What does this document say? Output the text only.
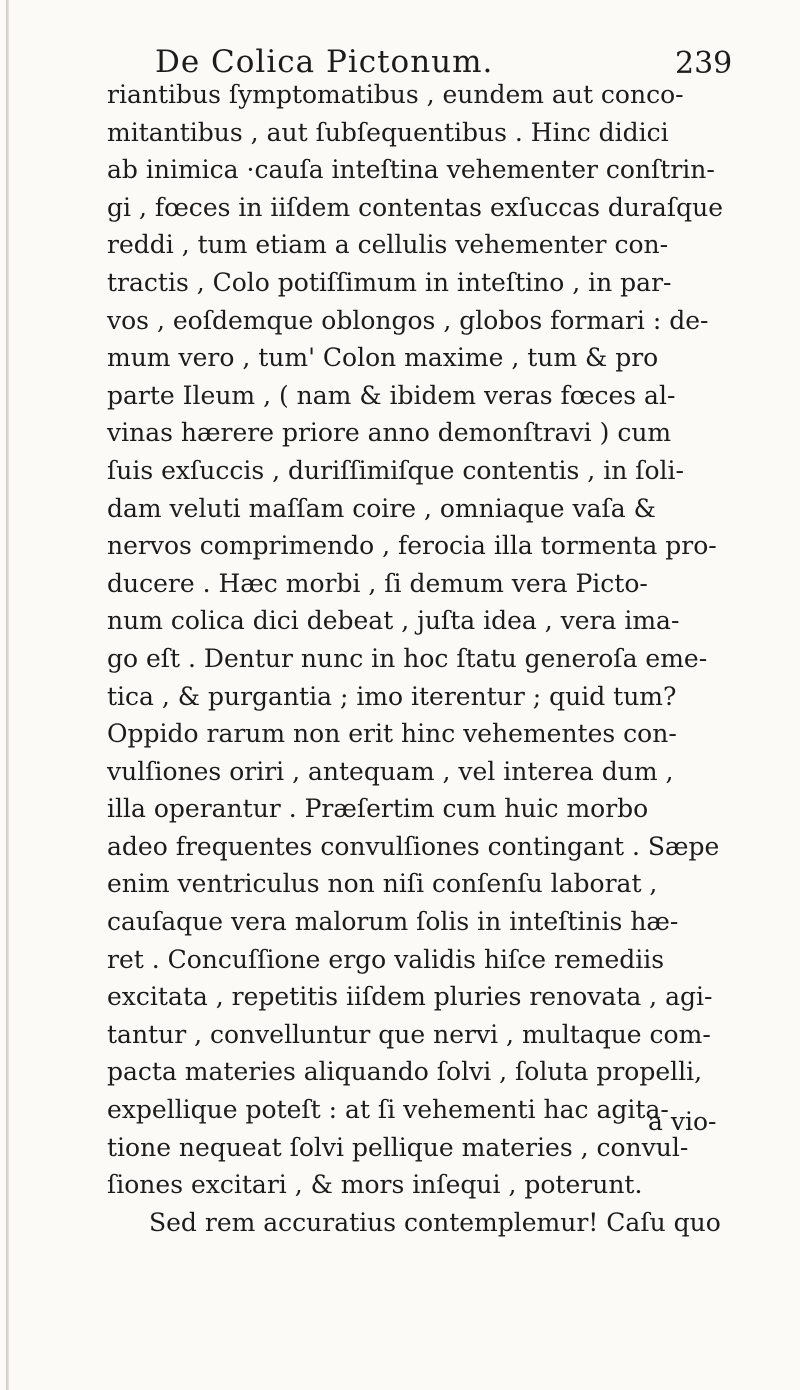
De Colica Pictonum.	239
riantibus ſymptomatibus , eundem aut conco-
mitantibus , aut ſubſequentibus . Hinc didici
ab inimica ·cauſa inteſtina vehementer conſtrin-
gi , fœces in iiſdem contentas exſuccas duraſque
reddi , tum etiam a cellulis vehementer con-
tractis , Colo potiſſimum in inteſtino , in par-
vos , eoſdemque oblongos , globos formari : de-
mum vero , tum' Colon maxime , tum & pro
parte Ileum , ( nam & ibidem veras fœces al-
vinas hærere priore anno demonſtravi ) cum
ſuis exſuccis , duriſſimiſque contentis , in ſoli-
dam veluti maſſam coire , omniaque vaſa &
nervos comprimendo , ferocia illa tormenta pro-
ducere . Hæc morbi , ſi demum vera Picto-
num colica dici debeat , juſta idea , vera ima-
go eſt . Dentur nunc in hoc ſtatu generoſa eme-
tica , & purgantia ; imo iterentur ; quid tum?
Oppido rarum non erit hinc vehementes con-
vulſiones oriri , antequam , vel interea dum ,
illa operantur . Præſertim cum huic morbo
adeo frequentes convulſiones contingant . Sæpe
enim ventriculus non niſi conſenſu laborat ,
cauſaque vera malorum ſolis in inteſtinis hæ-
ret . Concuſſione ergo validis hiſce remediis
excitata , repetitis iiſdem pluries renovata , agi-
tantur , convelluntur que nervi , multaque com-
pacta materies aliquando ſolvi , ſoluta propelli,
expellique poteſt : at ſi vehementi hac agita-
tione nequeat ſolvi pellique materies , convul-
ſiones excitari , & mors inſequi , poterunt.
Sed rem accuratius contemplemur! Caſu quo
a vio-
